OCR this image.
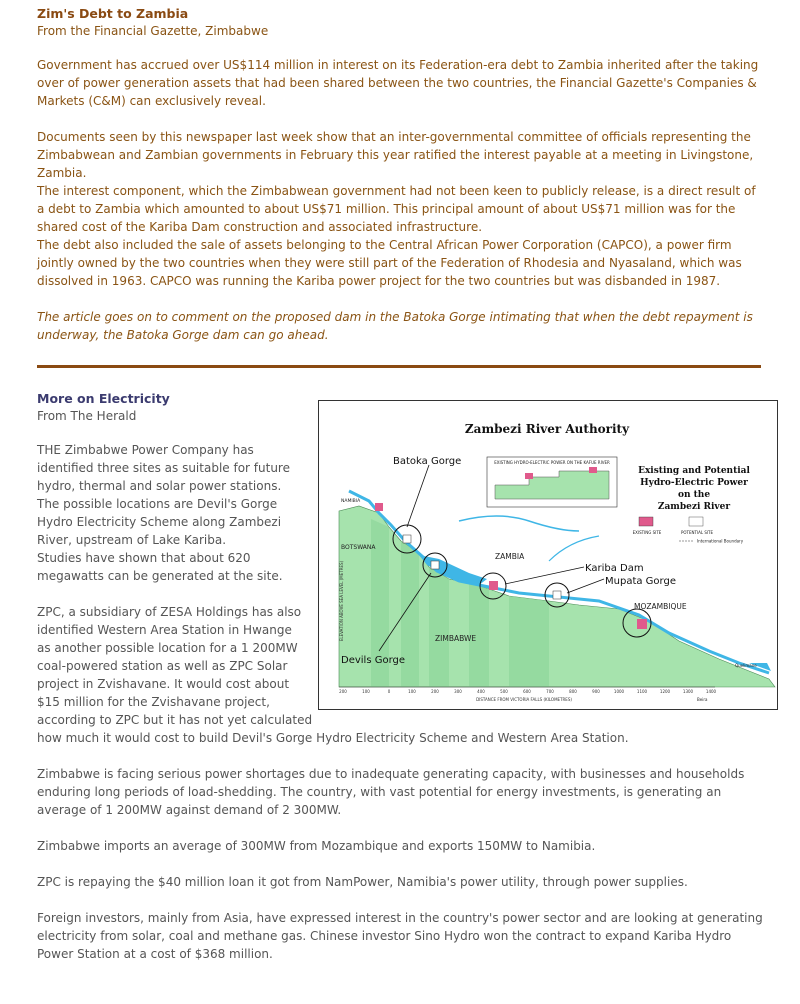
Zim's Debt to Zambia

From the Financial Gazette, Zimbabwe

Government has accrued over US$114 million in interest on its Federation-era debt to Zambia inherited after the taking over of power generation assets that had been shared between the two countries, the Financial Gazette's Companies & Markets (C&M) can exclusively reveal.

Documents seen by this newspaper last week show that an inter-governmental committee of officials representing the Zimbabwean and Zambian governments in February this year ratified the interest payable at a meeting in Livingstone, Zambia.

The interest component, which the Zimbabwean government had not been keen to publicly release, is a direct result of a debt to Zambia which amounted to about US$71 million. This principal amount of about US$71 million was for the shared cost of the Kariba Dam construction and associated infrastructure.

The debt also included the sale of assets belonging to the Central African Power Corporation (CAPCO), a power firm jointly owned by the two countries when they were still part of the Federation of Rhodesia and Nyasaland, which was dissolved in 1963. CAPCO was running the Kariba power project for the two countries but was disbanded in 1987.

The article goes on to comment on the proposed dam in the Batoka Gorge intimating that when the debt repayment is underway, the Batoka Gorge dam can go ahead.

More on Electricity

From The Herald

THE Zimbabwe Power Company has
identified three sites as suitable for future
hydro, thermal and solar power stations.
The possible locations are Devil's Gorge
Hydro Electricity Scheme along Zambezi
River, upstream of Lake Kariba.
Studies have shown that about 620
megawatts can be generated at the site.
ZPC, a subsidiary of ZESA Holdings has also
identified Western Area Station in Hwange
as another possible location for a 1 200MW
coal-powered station as well as ZPC Solar
project in Zvishavane. It would cost about
$15 million for the Zvishavane project,
according to ZPC but it has not yet calculated
how much it would cost to build Devil's Gorge Hydro Electricity Scheme and Western Area Station.

Zimbabwe is facing serious power shortages due to inadequate generating capacity, with businesses and households enduring long periods of load-shedding. The country, with vast potential for energy investments, is generating an average of 1 200MW against demand of 2 300MW.

Zimbabwe imports an average of 300MW from Mozambique and exports 150MW to Namibia.

ZPC is repaying the $40 million loan it got from NamPower, Namibia's power utility, through power supplies.

Foreign investors, mainly from Asia, have expressed interest in the country's power sector and are looking at generating electricity from solar, coal and methane gas. Chinese investor Sino Hydro won the contract to expand Kariba Hydro Power Station at a cost of $368 million.

Zambezi River Authority
Existing and Potential
Hydro-Electric Power
on the
Zambezi River
EXISTING HYDRO-ELECTRIC POWER ON THE KAFUE RIVER
EXISTING SITE	POTENTIAL SITE
International Boundary
Batoka Gorge
Kariba Dam
Mupata Gorge
Devils Gorge
ZAMBIA
ZIMBABWE
MOZAMBIQUE
BOTSWANA
NAMIBIA
Quelimane
Beira
ELEVATION ABOVE SEA LEVEL (METRES)
200	100	0	100	200	300	400	500	600	700	800	900	1000	1100	1200	1300	1400
DISTANCE FROM VICTORIA FALLS (KILOMETRES)
